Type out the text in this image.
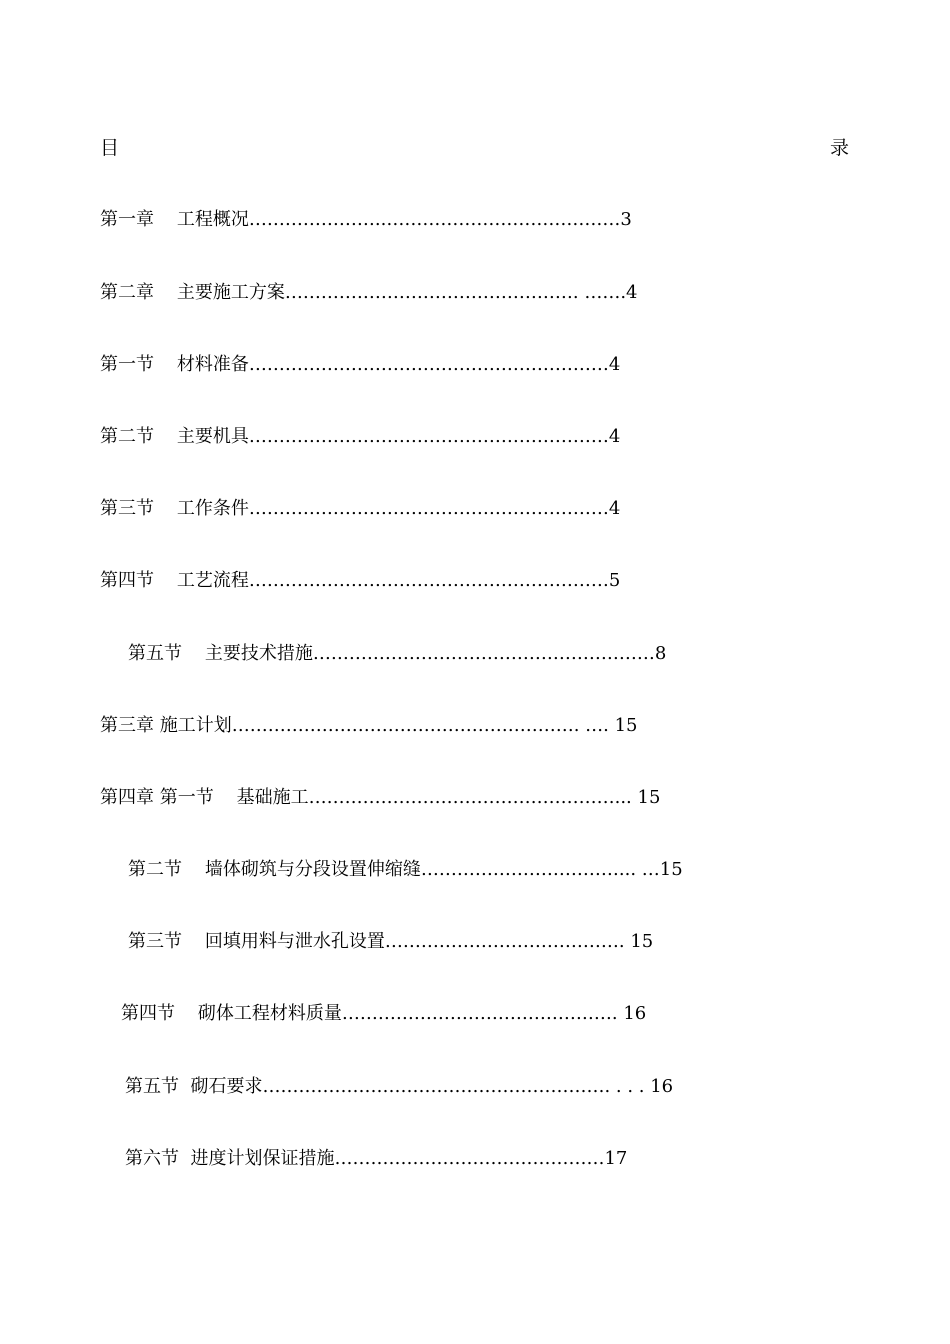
目	录
第一章    工程概况…………………..…………………………………3
第二章    主要施工方案…………………………………………. …….4
第一节    材料准备……………………………………………………4
第二节    主要机具……………………………………………………4
第三节    工作条件……………………………………………………4
第四节    工艺流程……………………………………………………5
第五节    主要技术措施…………………………………………………8
第三章 施工计划…………………………………………………. …. 15
第四章 第一节    基础施工……………………………………………... 15
第二节    墙体砌筑与分段设置伸缩缝……………………………... …15
第三节    回填用料与泄水孔设置…………………………………. 15
第四节    砌体工程材料质量………………………………………. 16
第五节  砌石要求…………………………………………………. . . . 16
第六节  进度计划保证措施………………………………………17
